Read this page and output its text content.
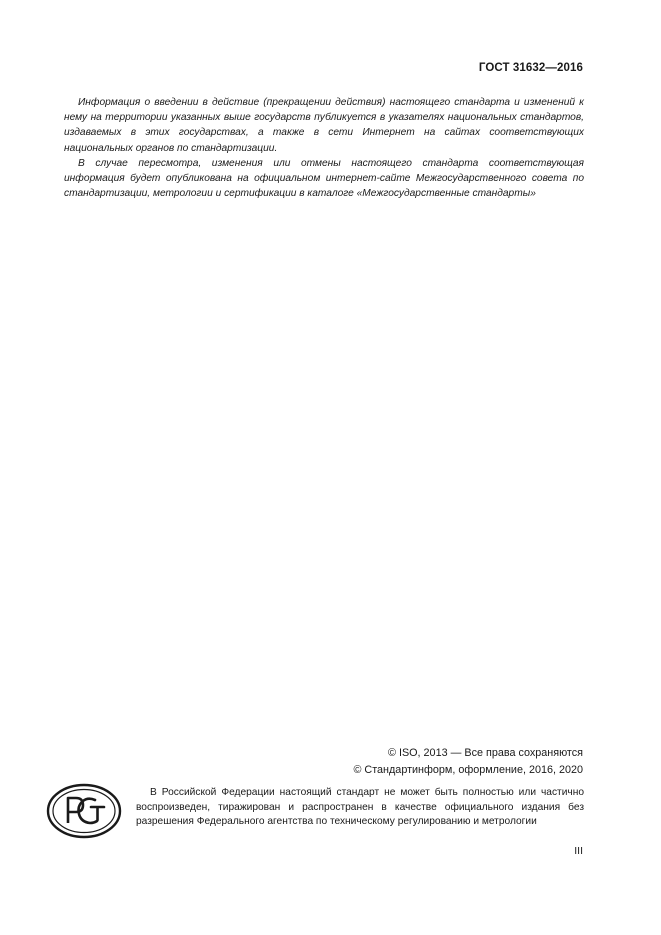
ГОСТ 31632—2016

Информация о введении в действие (прекращении действия) настоящего стандарта и изменений к нему на территории указанных выше государств публикуется в указателях национальных стандартов, издаваемых в этих государствах, а также в сети Интернет на сайтах соответствующих национальных органов по стандартизации.

В случае пересмотра, изменения или отмены настоящего стандарта соответствующая информация будет опубликована на официальном интернет-сайте Межгосударственного совета по стандартизации, метрологии и сертификации в каталоге «Межгосударственные стандарты»

© ISO, 2013 — Все права сохраняются
© Стандартинформ, оформление, 2016, 2020

В Российской Федерации настоящий стандарт не может быть полностью или частично воспроизведен, тиражирован и распространен в качестве официального издания без разрешения Федерального агентства по техническому регулированию и метрологии

III
